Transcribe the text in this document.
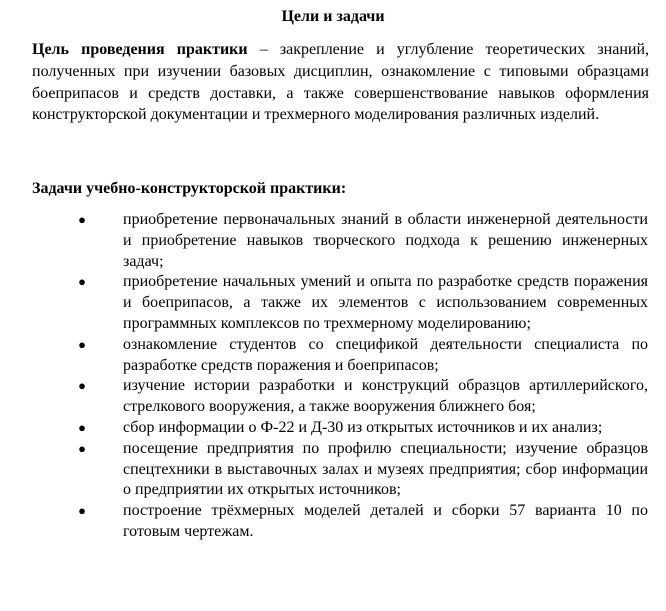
Цели и задачи

Цель проведения практики – закрепление и углубление теоретических знаний, полученных при изучении базовых дисциплин, ознакомление с типовыми образцами боеприпасов и средств доставки, а также совершенствование навыков оформления конструкторской документации и трехмерного моделирования различных изделий.

Задачи учебно-конструкторской практики:
● приобретение первоначальных знаний в области инженерной деятельности и приобретение навыков творческого подхода к решению инженерных задач;
● приобретение начальных умений и опыта по разработке средств поражения и боеприпасов, а также их элементов с использованием современных программных комплексов по трехмерному моделированию;
● ознакомление студентов со спецификой деятельности специалиста по разработке средств поражения и боеприпасов;
● изучение истории разработки и конструкций образцов артиллерийского, стрелкового вооружения, а также вооружения ближнего боя;
● сбор информации о Ф-22 и Д-30 из открытых источников и их анализ;
● посещение предприятия по профилю специальности; изучение образцов спецтехники в выставочных залах и музеях предприятия; сбор информации о предприятии их открытых источников;
● построение трёхмерных моделей деталей и сборки 57 варианта 10 по готовым чертежам.
